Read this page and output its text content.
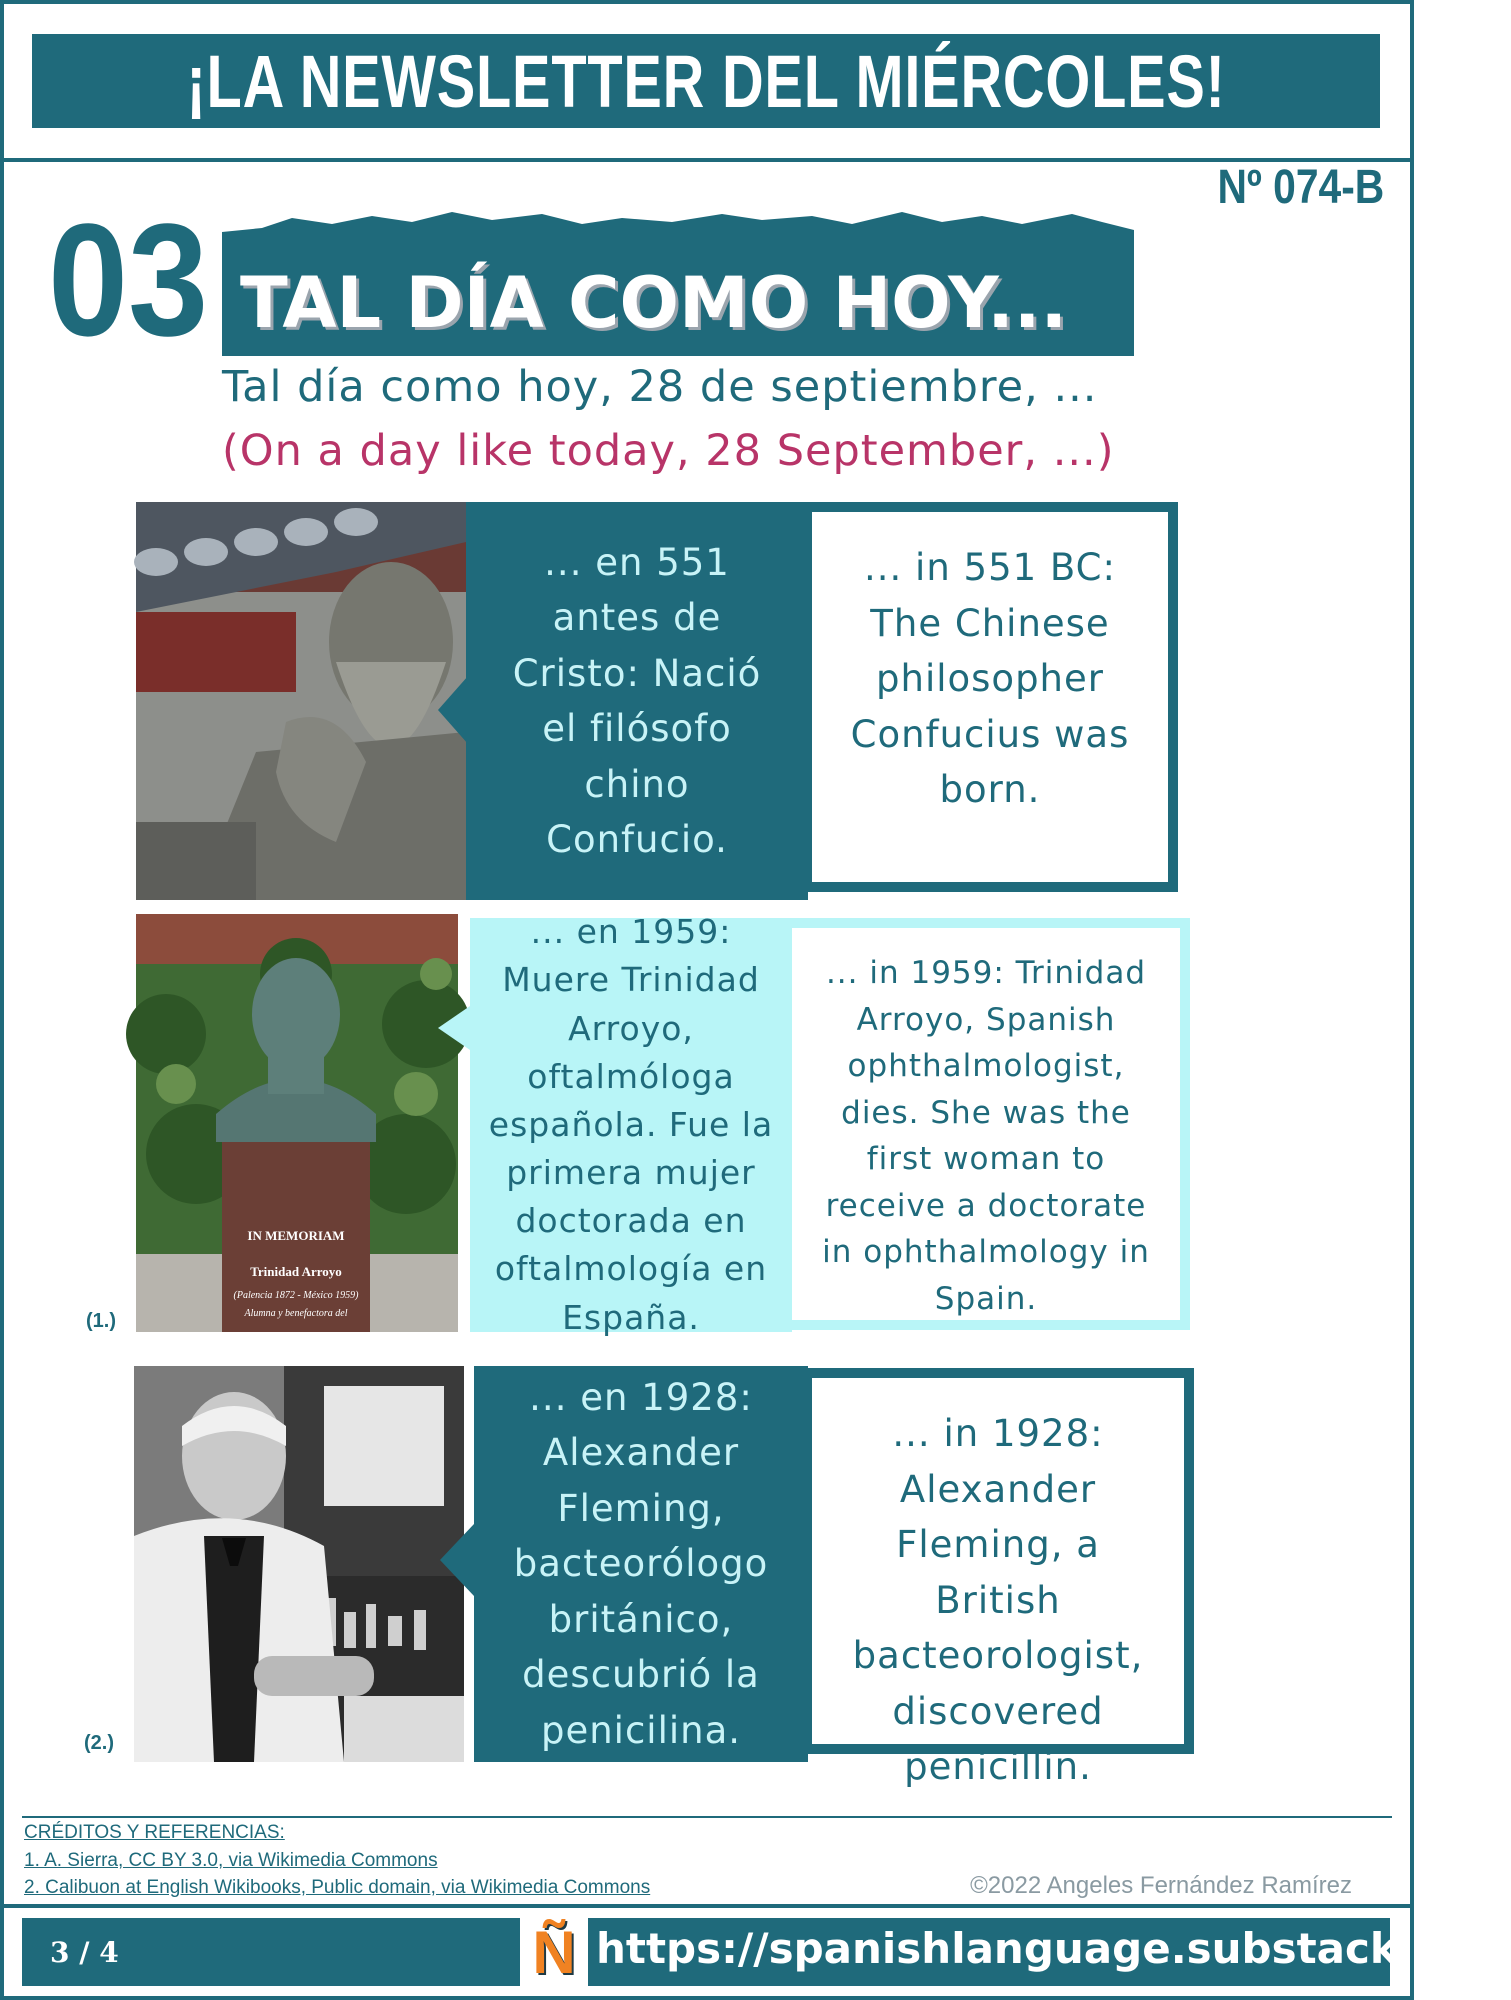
¡LA NEWSLETTER DEL MIÉRCOLES!
Nº 074-B
03 TAL DÍA COMO HOY...
Tal día como hoy, 28 de septiembre, ...
(On a day like today, 28 September, ...)
... en 551 antes de Cristo: Nació el filósofo chino Confucio.
... in 551 BC: The Chinese philosopher Confucius was born.
IN MEMORIAM
Trinidad Arroyo
(Palencia 1872 - México 1959)
Alumna y benefactora del
(1.)
... en 1959: Muere Trinidad Arroyo, oftalmóloga española. Fue la primera mujer doctorada en oftalmología en España.
... in 1959: Trinidad Arroyo, Spanish ophthalmologist, dies. She was the first woman to receive a doctorate in ophthalmology in Spain.
(2.)
... en 1928: Alexander Fleming, bacteorólogo británico, descubrió la penicilina.
... in 1928: Alexander Fleming, a British bacteorologist, discovered penicillin.
CRÉDITOS Y REFERENCIAS:
1. A. Sierra, CC BY 3.0, via Wikimedia Commons
2. Calibuon at English Wikibooks, Public domain, via Wikimedia Commons	©2022 Angeles Fernández Ramírez
3 / 4	Ñ https://spanishlanguage.substack.com
